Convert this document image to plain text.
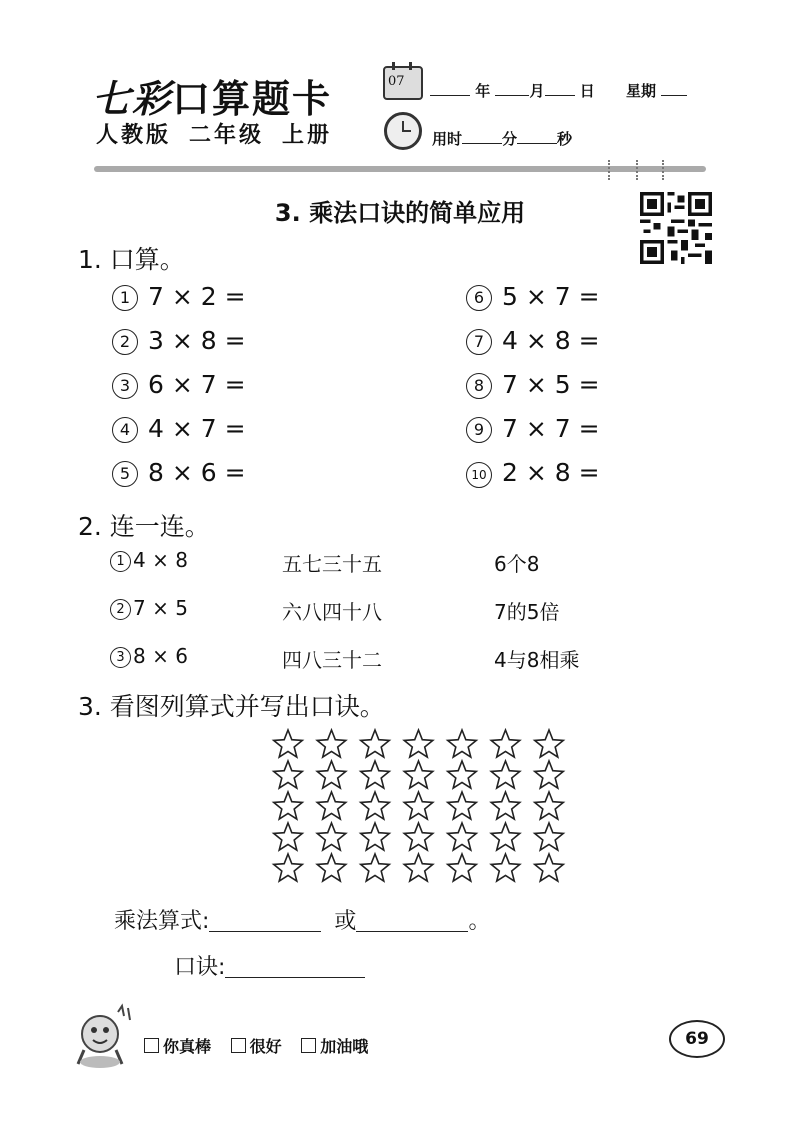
七彩口算题卡
人教版 二年级 上册
07
年	月 日 星期
用时	分	秒
3. 乘法口诀的简单应用
1. 口算。
1 7 × 2 =
2 3 × 8 =
3 6 × 7 =
4 4 × 7 =
5 8 × 6 =
6 5 × 7 =
7 4 × 8 =
8 7 × 5 =
9 7 × 7 =
10 2 × 8 =
2. 连一连。
1 4 × 8	五七三十五	6个8
2 7 × 5	六八四十八	7的5倍
3 8 × 6	四八三十二	4与8相乘
3. 看图列算式并写出口诀。
乘法算式:	或	。
口诀:
你真棒 很好 加油哦	69
